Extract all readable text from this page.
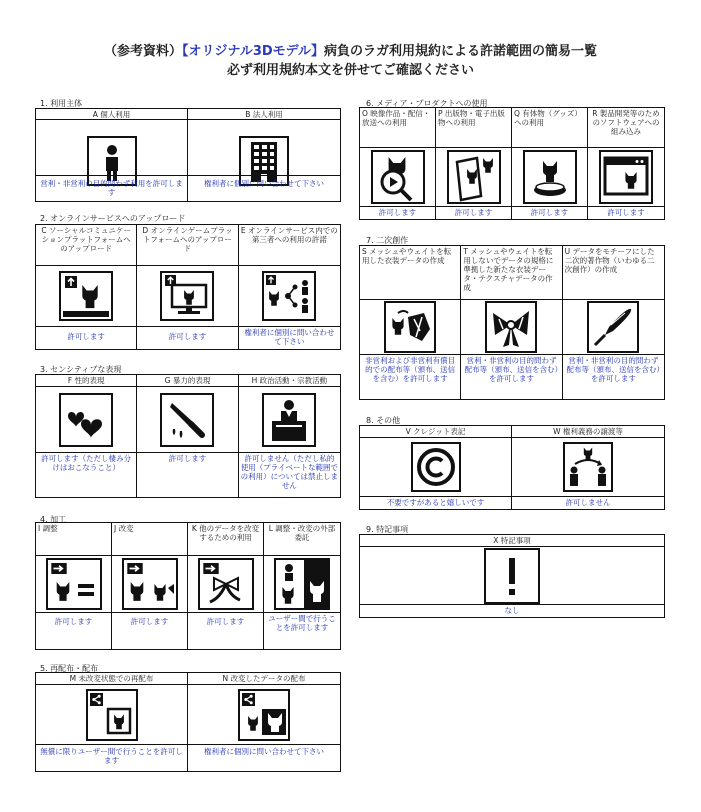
（参考資料）【オリジナル3Dモデル】病負のラガ利用規約による許諾範囲の簡易一覧
必ず利用規約本文を併せてご確認ください
1. 利用主体
A 個人利用	B 法人利用
営利・非営利の目的問わず利用を許可します
権利者に個別に問い合わせて下さい
2. オンラインサービスへのアップロード
C ソーシャルコミュニケーションプラットフォームへのアップロード
許可します
D オンラインゲームプラットフォームへのアップロード
許可します
E オンラインサービス内での第三者への利用の許諾
権利者に個別に問い合わせて下さい
3. センシティブな表現
F 性的表現
許可します（ただし棲み分けはおこなうこと）
G 暴力的表現
許可します
H 政治活動・宗教活動
許可しません（ただし私的使用（プライベートな範囲での利用）については禁止しません
4. 加工
I 調整
許可します
J 改変
許可します
K 他のデータを改変するための利用
許可します
L 調整・改変の外部委託
ユーザー間で行うことを許可します
5. 再配布・配布
M 未改変状態での再配布
無償に限りユーザー間で行うことを許可します
N 改変したデータの配布
権利者に個別に問い合わせて下さい
6. メディア・プロダクトへの使用
O 映像作品・配信・放送への利用
許可します
P 出版物・電子出版物への利用
許可します
Q 有体物（グッズ）への利用
許可します
R 製品開発等のためのソフトウェアへの組み込み
許可します
7. 二次創作
S メッシュやウェイトを転用した衣装データの作成
非営利および非営利有償目的での配布等（頒布、送信を含む）を許可します
T メッシュやウェイトを転用しないでデータの規格に準拠した新たな衣装データ・テクスチャデータの作成
営利・非営利の目的問わず配布等（頒布、送信を含む）を許可します
U データをモチーフにした二次的著作物（いわゆる二次創作）の作成
営利・非営利の目的問わず配布等（頒布、送信を含む）を許可します
8. その他
V クレジット表記
不要ですがあると嬉しいです
W 権利義務の譲渡等
許可しません
9. 特記事項
X 特記事項
なし
